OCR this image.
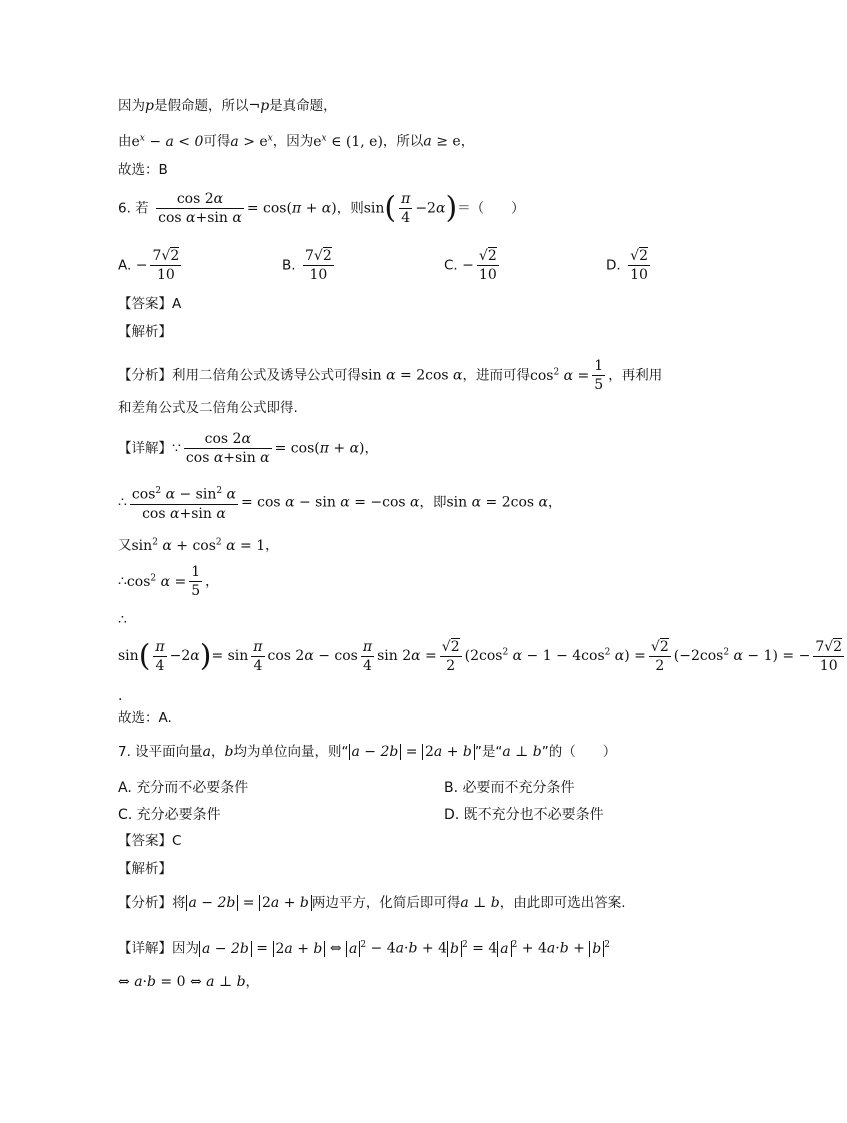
因为p是假命题，所以¬p是真命题，
由$e^x - a < 0$可得$a > e^x$，因为$e^x$ ∈ (1, e)，所以a ≥ e，
故选：B
6. 若 $\frac{\cos 2\alpha}{\text{cos α+sin α}} = \cos(\pi + \alpha)$，则$\sin( \frac{\pi}{4} -2\alpha)=$（　　）
A. − $\frac{7√2}{10}$	B. $\frac{7√2}{10}$	C. − $\frac{√2}{10}$	D. $\frac{√2}{10}$
【答案】A
【解析】
【分析】利用二倍角公式及诱导公式可得sin α = 2cos α，进而可得$\cos^2 \alpha = \frac{1}{5}$ ，再利用
和差角公式及二倍角公式即得.
【详解】∵ $\frac{\cos 2\alpha}{\text{cos α+sin α}} = \cos(\pi + \alpha)$，
∴ $\frac{\cos^2 \alpha - \sin^2 \alpha}{\text{cos α+sin α}} = \cos \alpha - \sin \alpha = -\cos$ α，即sin α = 2cos α，
又$\sin^2 \alpha + \cos^2 \alpha = 1$，
$\therefore\cos^2$ $\alpha = \frac{1}{5}$ ，
∴
$\sin( \frac{\pi}{4} -2\alpha)= \sin \frac{\pi}{4}$ $\cos 2\alpha - \cos \frac{\pi}{4}$ $\sin 2\alpha = \frac{√2}{2} (2\cos^2$ $\alpha - 1 - 4\cos^2$ $\alpha) = \frac{√2}{2} (-2\cos^2$ α − 1) = − $\frac{7√2}{10}$
.
故选：A.
7. 设平面向量a，b均为单位向量，则“ a − 2b = 2a + b ”是“a ⊥ b”的（　　）
A. 充分而不必要条件	B. 必要而不充分条件
C. 充分必要条件	D. 既不充分也不必要条件
【答案】C
【解析】
【分析】将 a − 2b = 2a + b 两边平方，化简后即可得a ⊥ b，由此即可选出答案.
【详解】因为 a − 2b = 2a + b ⇔ a $^2$ − 4a·b + 4 b $^2$ = 4 a $^2$ + 4a·b + b $^2$
⇔ a·b = 0 ⇔ a ⊥ b，
